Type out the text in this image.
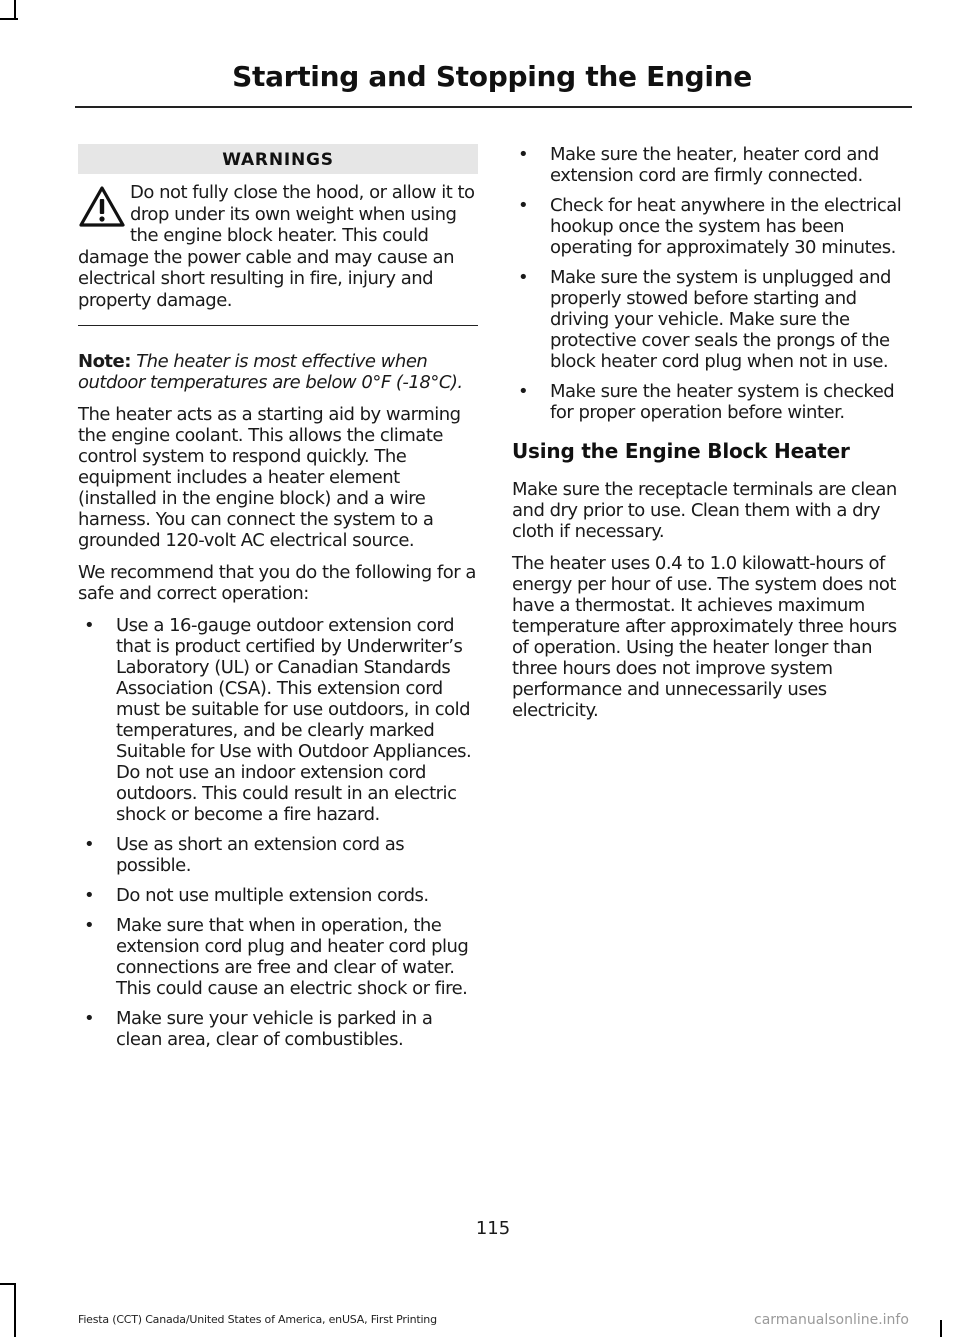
Starting and Stopping the Engine
WARNINGS
Do not fully close the hood, or allow it to drop under its own weight when using the engine block heater. This could damage the power cable and may cause an electrical short resulting in fire, injury and property damage.

Note: The heater is most effective when outdoor temperatures are below 0°F (-18°C).

The heater acts as a starting aid by warming the engine coolant. This allows the climate control system to respond quickly. The equipment includes a heater element (installed in the engine block) and a wire harness. You can connect the system to a grounded 120-volt AC electrical source.

We recommend that you do the following for a safe and correct operation:

• Use a 16-gauge outdoor extension cord that is product certified by Underwriter’s Laboratory (UL) or Canadian Standards Association (CSA). This extension cord must be suitable for use outdoors, in cold temperatures, and be clearly marked Suitable for Use with Outdoor Appliances. Do not use an indoor extension cord outdoors. This could result in an electric shock or become a fire hazard.
• Use as short an extension cord as possible.
• Do not use multiple extension cords.
• Make sure that when in operation, the extension cord plug and heater cord plug connections are free and clear of water. This could cause an electric shock or fire.
• Make sure your vehicle is parked in a clean area, clear of combustibles.
• Make sure the heater, heater cord and extension cord are firmly connected.
• Check for heat anywhere in the electrical hookup once the system has been operating for approximately 30 minutes.
• Make sure the system is unplugged and properly stowed before starting and driving your vehicle. Make sure the protective cover seals the prongs of the block heater cord plug when not in use.
• Make sure the heater system is checked for proper operation before winter.
Using the Engine Block Heater

Make sure the receptacle terminals are clean and dry prior to use. Clean them with a dry cloth if necessary.

The heater uses 0.4 to 1.0 kilowatt-hours of energy per hour of use. The system does not have a thermostat. It achieves maximum temperature after approximately three hours of operation. Using the heater longer than three hours does not improve system performance and unnecessarily uses electricity.

115
Fiesta (CCT) Canada/United States of America, enUSA, First Printing	carmanualsonline.info
